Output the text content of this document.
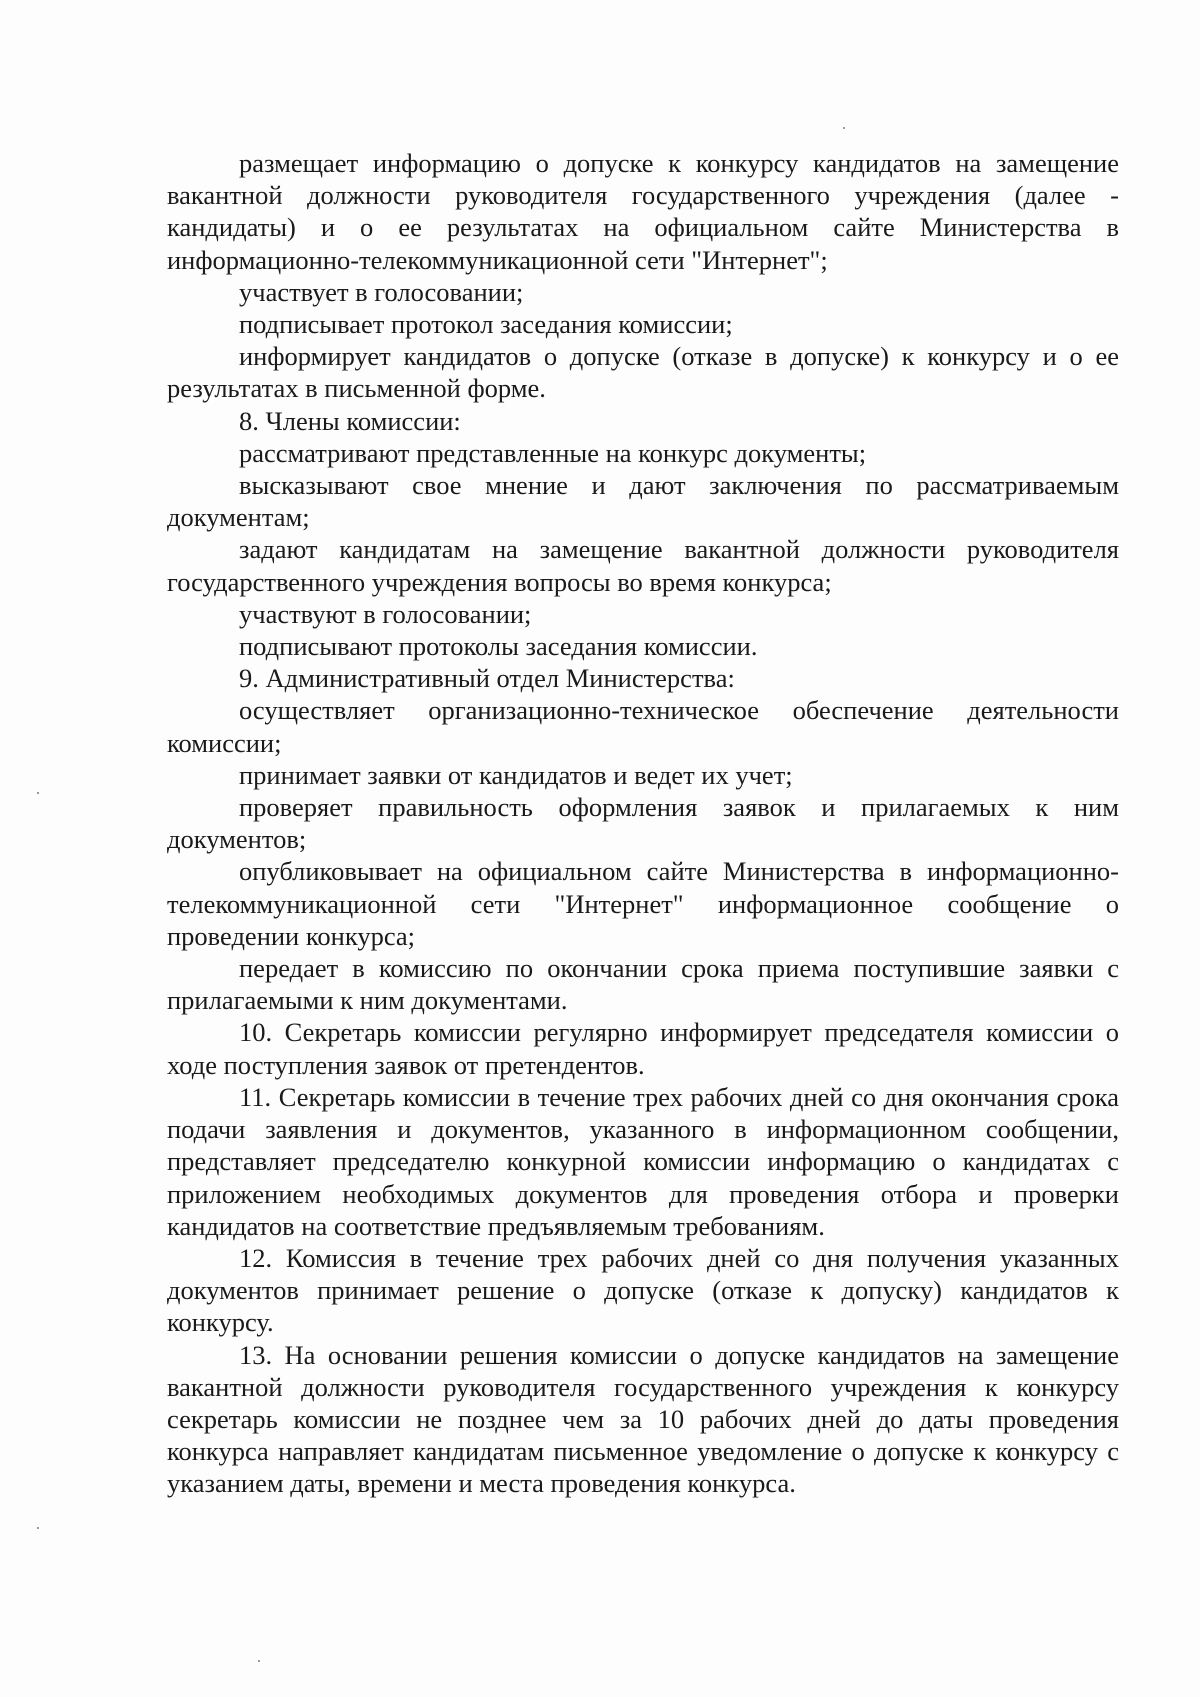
размещает информацию о допуске к конкурсу кандидатов на замещение вакантной должности руководителя государственного учреждения (далее - кандидаты) и о ее результатах на официальном сайте Министерства в информационно-телекоммуникационной сети "Интернет";

участвует в голосовании;

подписывает протокол заседания комиссии;

информирует кандидатов о допуске (отказе в допуске) к конкурсу и о ее результатах в письменной форме.

8. Члены комиссии:

рассматривают представленные на конкурс документы;

высказывают свое мнение и дают заключения по рассматриваемым документам;

задают кандидатам на замещение вакантной должности руководителя государственного учреждения вопросы во время конкурса;

участвуют в голосовании;

подписывают протоколы заседания комиссии.

9. Административный отдел Министерства:

осуществляет организационно-техническое обеспечение деятельности комиссии;

принимает заявки от кандидатов и ведет их учет;

проверяет правильность оформления заявок и прилагаемых к ним документов;

опубликовывает на официальном сайте Министерства в информационно-телекоммуникационной сети "Интернет" информационное сообщение о проведении конкурса;

передает в комиссию по окончании срока приема поступившие заявки с прилагаемыми к ним документами.

10. Секретарь комиссии регулярно информирует председателя комиссии о ходе поступления заявок от претендентов.

11. Секретарь комиссии в течение трех рабочих дней со дня окончания срока подачи заявления и документов, указанного в информационном сообщении, представляет председателю конкурной комиссии информацию о кандидатах с приложением необходимых документов для проведения отбора и проверки кандидатов на соответствие предъявляемым требованиям.

12. Комиссия в течение трех рабочих дней со дня получения указанных документов принимает решение о допуске (отказе к допуску) кандидатов к конкурсу.

13. На основании решения комиссии о допуске кандидатов на замещение вакантной должности руководителя государственного учреждения к конкурсу секретарь комиссии не позднее чем за 10 рабочих дней до даты проведения конкурса направляет кандидатам письменное уведомление о допуске к конкурсу с указанием даты, времени и места проведения конкурса.
